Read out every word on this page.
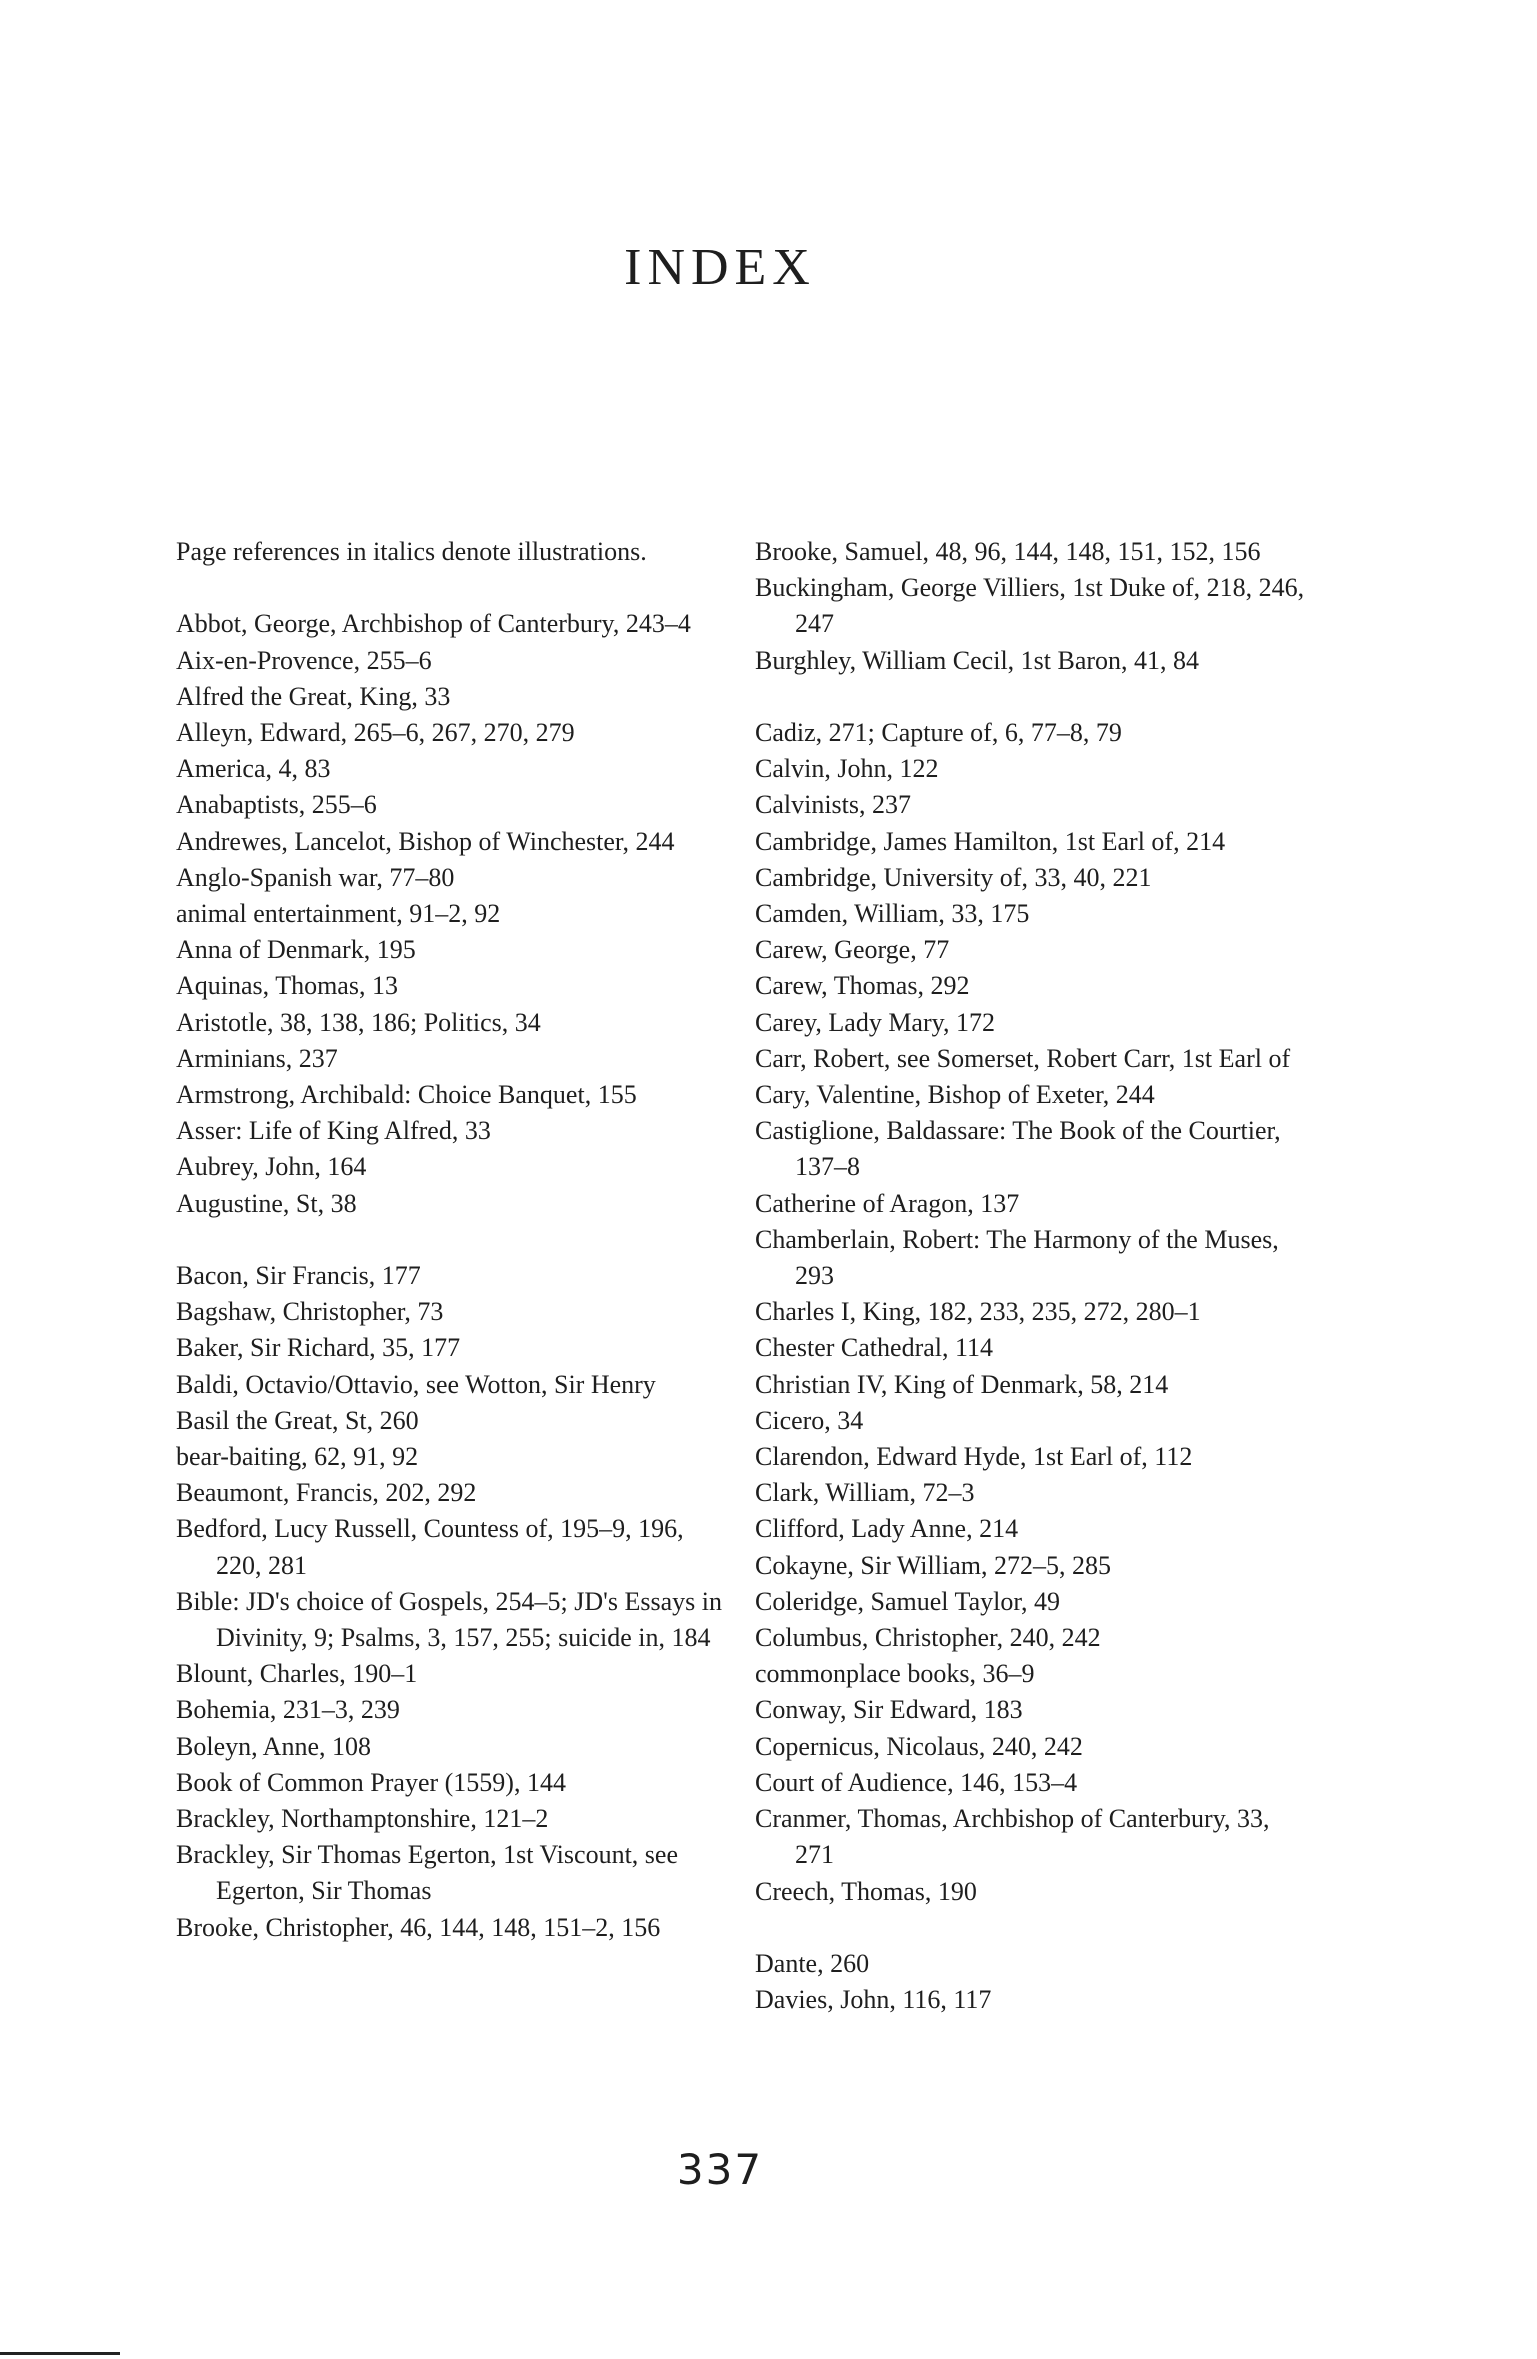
INDEX

Page references in italics denote illustrations.

Abbot, George, Archbishop of Canterbury, 243–4

Aix-en-Provence, 255–6

Alfred the Great, King, 33

Alleyn, Edward, 265–6, 267, 270, 279

America, 4, 83

Anabaptists, 255–6

Andrewes, Lancelot, Bishop of Winchester, 244

Anglo-Spanish war, 77–80

animal entertainment, 91–2, 92

Anna of Denmark, 195

Aquinas, Thomas, 13

Aristotle, 38, 138, 186; Politics, 34

Arminians, 237

Armstrong, Archibald: Choice Banquet, 155

Asser: Life of King Alfred, 33

Aubrey, John, 164

Augustine, St, 38

Bacon, Sir Francis, 177

Bagshaw, Christopher, 73

Baker, Sir Richard, 35, 177

Baldi, Octavio/Ottavio, see Wotton, Sir Henry

Basil the Great, St, 260

bear-baiting, 62, 91, 92

Beaumont, Francis, 202, 292

Bedford, Lucy Russell, Countess of, 195–9, 196, 220, 281

Bible: JD's choice of Gospels, 254–5; JD's Essays in Divinity, 9; Psalms, 3, 157, 255; suicide in, 184

Blount, Charles, 190–1

Bohemia, 231–3, 239

Boleyn, Anne, 108

Book of Common Prayer (1559), 144

Brackley, Northamptonshire, 121–2

Brackley, Sir Thomas Egerton, 1st Viscount, see Egerton, Sir Thomas

Brooke, Christopher, 46, 144, 148, 151–2, 156

Brooke, Samuel, 48, 96, 144, 148, 151, 152, 156

Buckingham, George Villiers, 1st Duke of, 218, 246, 247

Burghley, William Cecil, 1st Baron, 41, 84

Cadiz, 271; Capture of, 6, 77–8, 79

Calvin, John, 122

Calvinists, 237

Cambridge, James Hamilton, 1st Earl of, 214

Cambridge, University of, 33, 40, 221

Camden, William, 33, 175

Carew, George, 77

Carew, Thomas, 292

Carey, Lady Mary, 172

Carr, Robert, see Somerset, Robert Carr, 1st Earl of

Cary, Valentine, Bishop of Exeter, 244

Castiglione, Baldassare: The Book of the Courtier, 137–8

Catherine of Aragon, 137

Chamberlain, Robert: The Harmony of the Muses, 293

Charles I, King, 182, 233, 235, 272, 280–1

Chester Cathedral, 114

Christian IV, King of Denmark, 58, 214

Cicero, 34

Clarendon, Edward Hyde, 1st Earl of, 112

Clark, William, 72–3

Clifford, Lady Anne, 214

Cokayne, Sir William, 272–5, 285

Coleridge, Samuel Taylor, 49

Columbus, Christopher, 240, 242

commonplace books, 36–9

Conway, Sir Edward, 183

Copernicus, Nicolaus, 240, 242

Court of Audience, 146, 153–4

Cranmer, Thomas, Archbishop of Canterbury, 33, 271

Creech, Thomas, 190

Dante, 260

Davies, John, 116, 117

337
